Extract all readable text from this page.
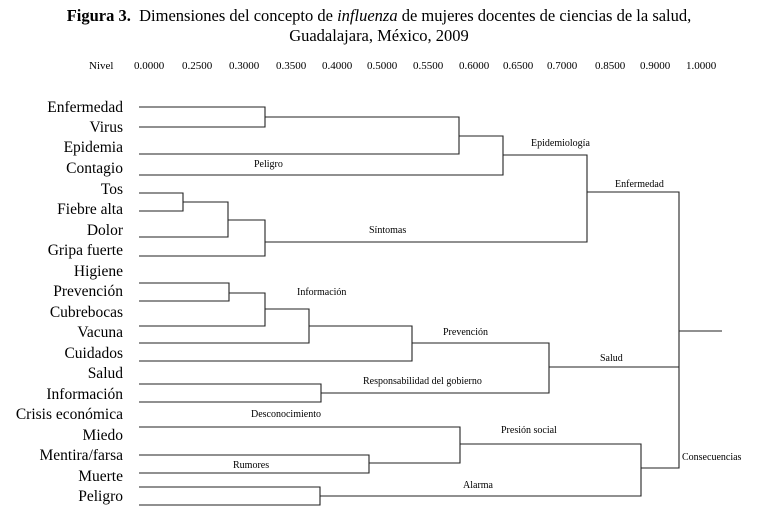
Figura 3. Dimensiones del concepto de influenza de mujeres docentes de ciencias de la salud,
Guadalajara, México, 2009
Nivel 0.0000 0.2500 0.3000 0.3500 0.4000 0.5000 0.5500 0.6000 0.6500 0.7000 0.8500 0.9000 1.0000
Enfermedad
Virus
Epidemia
Contagio
Tos
Fiebre alta
Dolor
Gripa fuerte
Higiene
Prevención
Cubrebocas
Vacuna
Cuidados
Salud
Información
Crisis económica
Miedo
Mentira/farsa
Muerte
Peligro
Peligro
Epidemiología
Enfermedad
Síntomas
Información
Prevención
Salud
Responsabilidad del gobierno
Desconocimiento
Presión social
Consecuencias
Rumores
Alarma
